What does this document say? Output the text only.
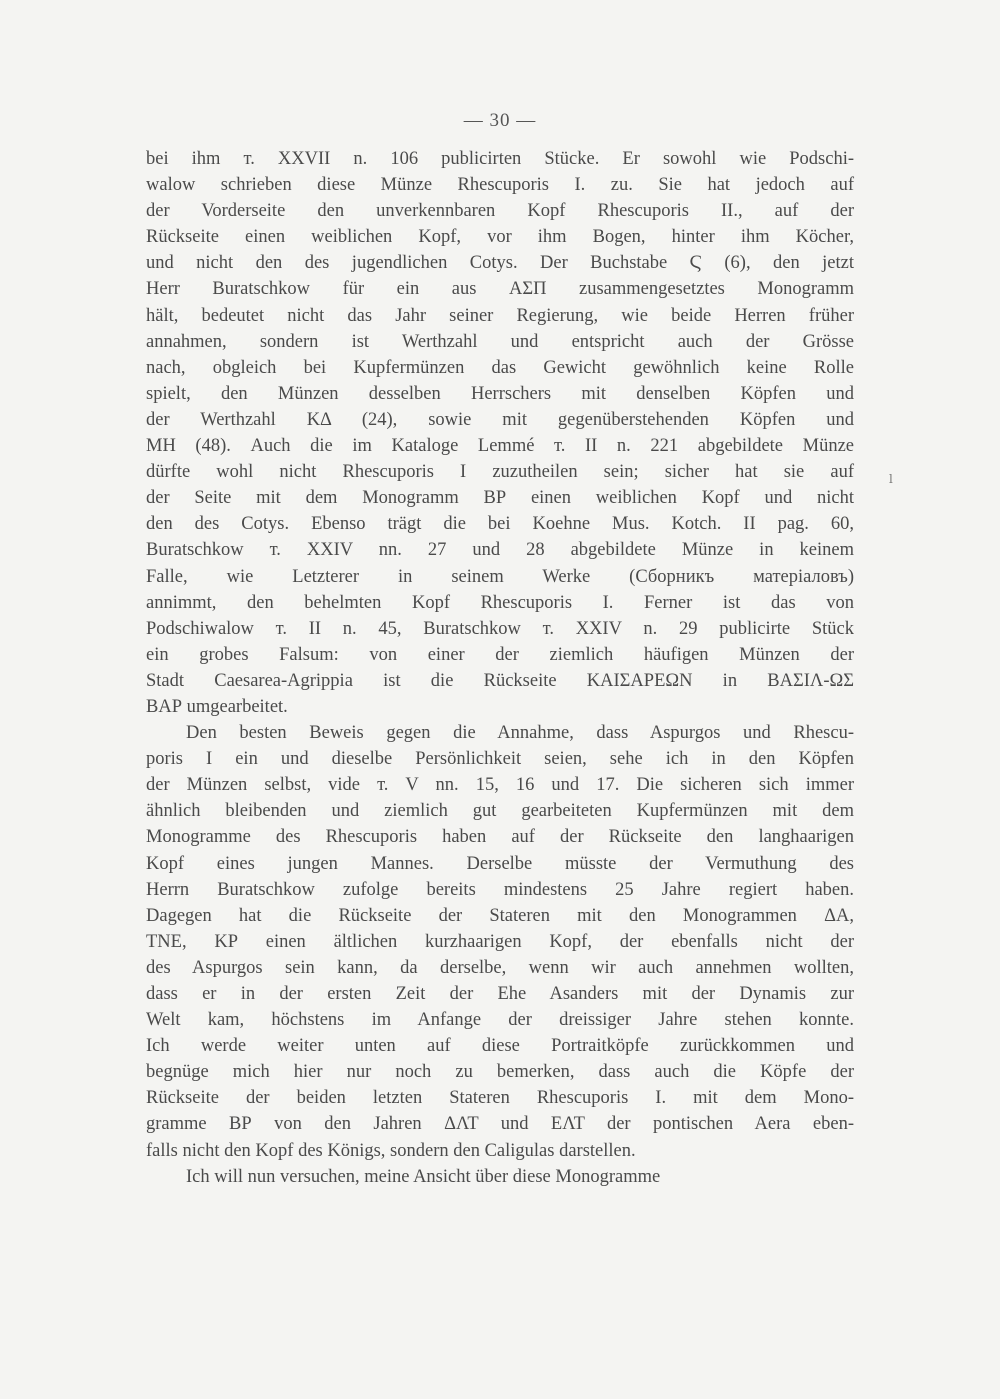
— 30 —
ⅼ
bei ihm т. XXVII n. 106 publicirten Stücke. Er sowohl wie Podschi-
walow schrieben diese Münze Rhescuporis I. zu. Sie hat jedoch auf
der Vorderseite den unverkennbaren Kopf Rhescuporis II., auf der
Rückseite einen weiblichen Kopf, vor ihm Bogen, hinter ihm Köcher,
und nicht den des jugendlichen Cotys. Der Buchstabe Ϛ (6), den jetzt
Herr Buratschkow für ein aus ΑΣΠ zusammengesetztes Monogramm
hält, bedeutet nicht das Jahr seiner Regierung, wie beide Herren früher
annahmen, sondern ist Werthzahl und entspricht auch der Grösse
nach, obgleich bei Kupfermünzen das Gewicht gewöhnlich keine Rolle
spielt, den Münzen desselben Herrschers mit denselben Köpfen und
der Werthzahl ΚΔ (24), sowie mit gegenüberstehenden Köpfen und
ΜΗ (48). Auch die im Kataloge Lemmé т. II n. 221 abgebildete Münze
dürfte wohl nicht Rhescuporis I zuzutheilen sein; sicher hat sie auf
der Seite mit dem Monogramm ΒΡ einen weiblichen Kopf und nicht
den des Cotys. Ebenso trägt die bei Koehne Mus. Kotch. II pag. 60,
Buratschkow т. XXIV nn. 27 und 28 abgebildete Münze in keinem
Falle, wie Letzterer in seinem Werke (Сборникъ матеріаловъ)
annimmt, den behelmten Kopf Rhescuporis I. Ferner ist das von
Podschiwalow т. II n. 45, Buratschkow т. XXIV n. 29 publicirte Stück
ein grobes Falsum: von einer der ziemlich häufigen Münzen der
Stadt Caesarea-Agrippia ist die Rückseite ΚΑΙΣΑΡΕΩΝ in ΒΑΣΙΛ-ΩΣ
ΒΑΡ umgearbeitet.
Den besten Beweis gegen die Annahme, dass Aspurgos und Rhescu-
poris I ein und dieselbe Persönlichkeit seien, sehe ich in den Köpfen
der Münzen selbst, vide т. V nn. 15, 16 und 17. Die sicheren sich immer
ähnlich bleibenden und ziemlich gut gearbeiteten Kupfermünzen mit dem
Monogramme des Rhescuporis haben auf der Rückseite den langhaarigen
Kopf eines jungen Mannes. Derselbe müsste der Vermuthung des
Herrn Buratschkow zufolge bereits mindestens 25 Jahre regiert haben.
Dagegen hat die Rückseite der Stateren mit den Monogrammen ΔΑ,
ΤΝΕ, ΚΡ einen ältlichen kurzhaarigen Kopf, der ebenfalls nicht der
des Aspurgos sein kann, da derselbe, wenn wir auch annehmen wollten,
dass er in der ersten Zeit der Ehe Asanders mit der Dynamis zur
Welt kam, höchstens im Anfange der dreissiger Jahre stehen konnte.
Ich werde weiter unten auf diese Portraitköpfe zurückkommen und
begnüge mich hier nur noch zu bemerken, dass auch die Köpfe der
Rückseite der beiden letzten Stateren Rhescuporis I. mit dem Mono-
gramme ΒΡ von den Jahren ΔΛΤ und ΕΛΤ der pontischen Aera eben-
falls nicht den Kopf des Königs, sondern den Caligulas darstellen.
Ich will nun versuchen, meine Ansicht über diese Monogramme
